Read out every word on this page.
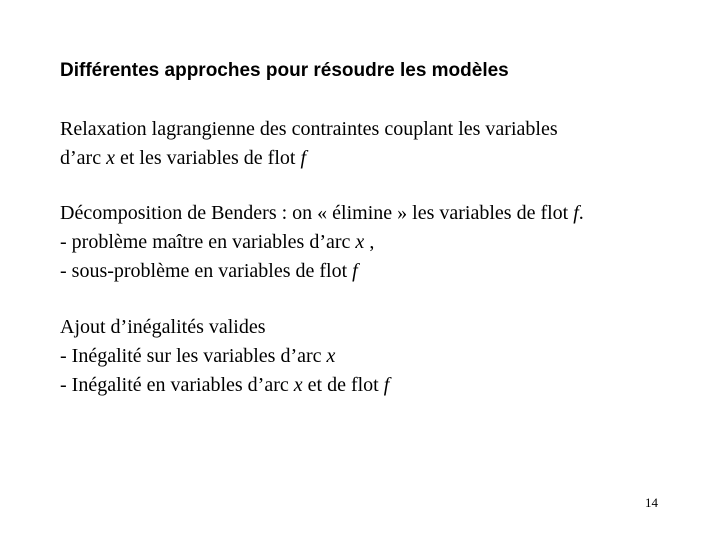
Différentes approches pour résoudre les modèles

Relaxation lagrangienne des contraintes couplant les variables

d’arc x et les variables de flot f

Décomposition de Benders : on « élimine » les variables de flot f.

- problème maître en variables d’arc x ,

- sous-problème en variables de flot f

Ajout d’inégalités valides

- Inégalité sur les variables d’arc x

- Inégalité en variables d’arc x et de flot f

14
